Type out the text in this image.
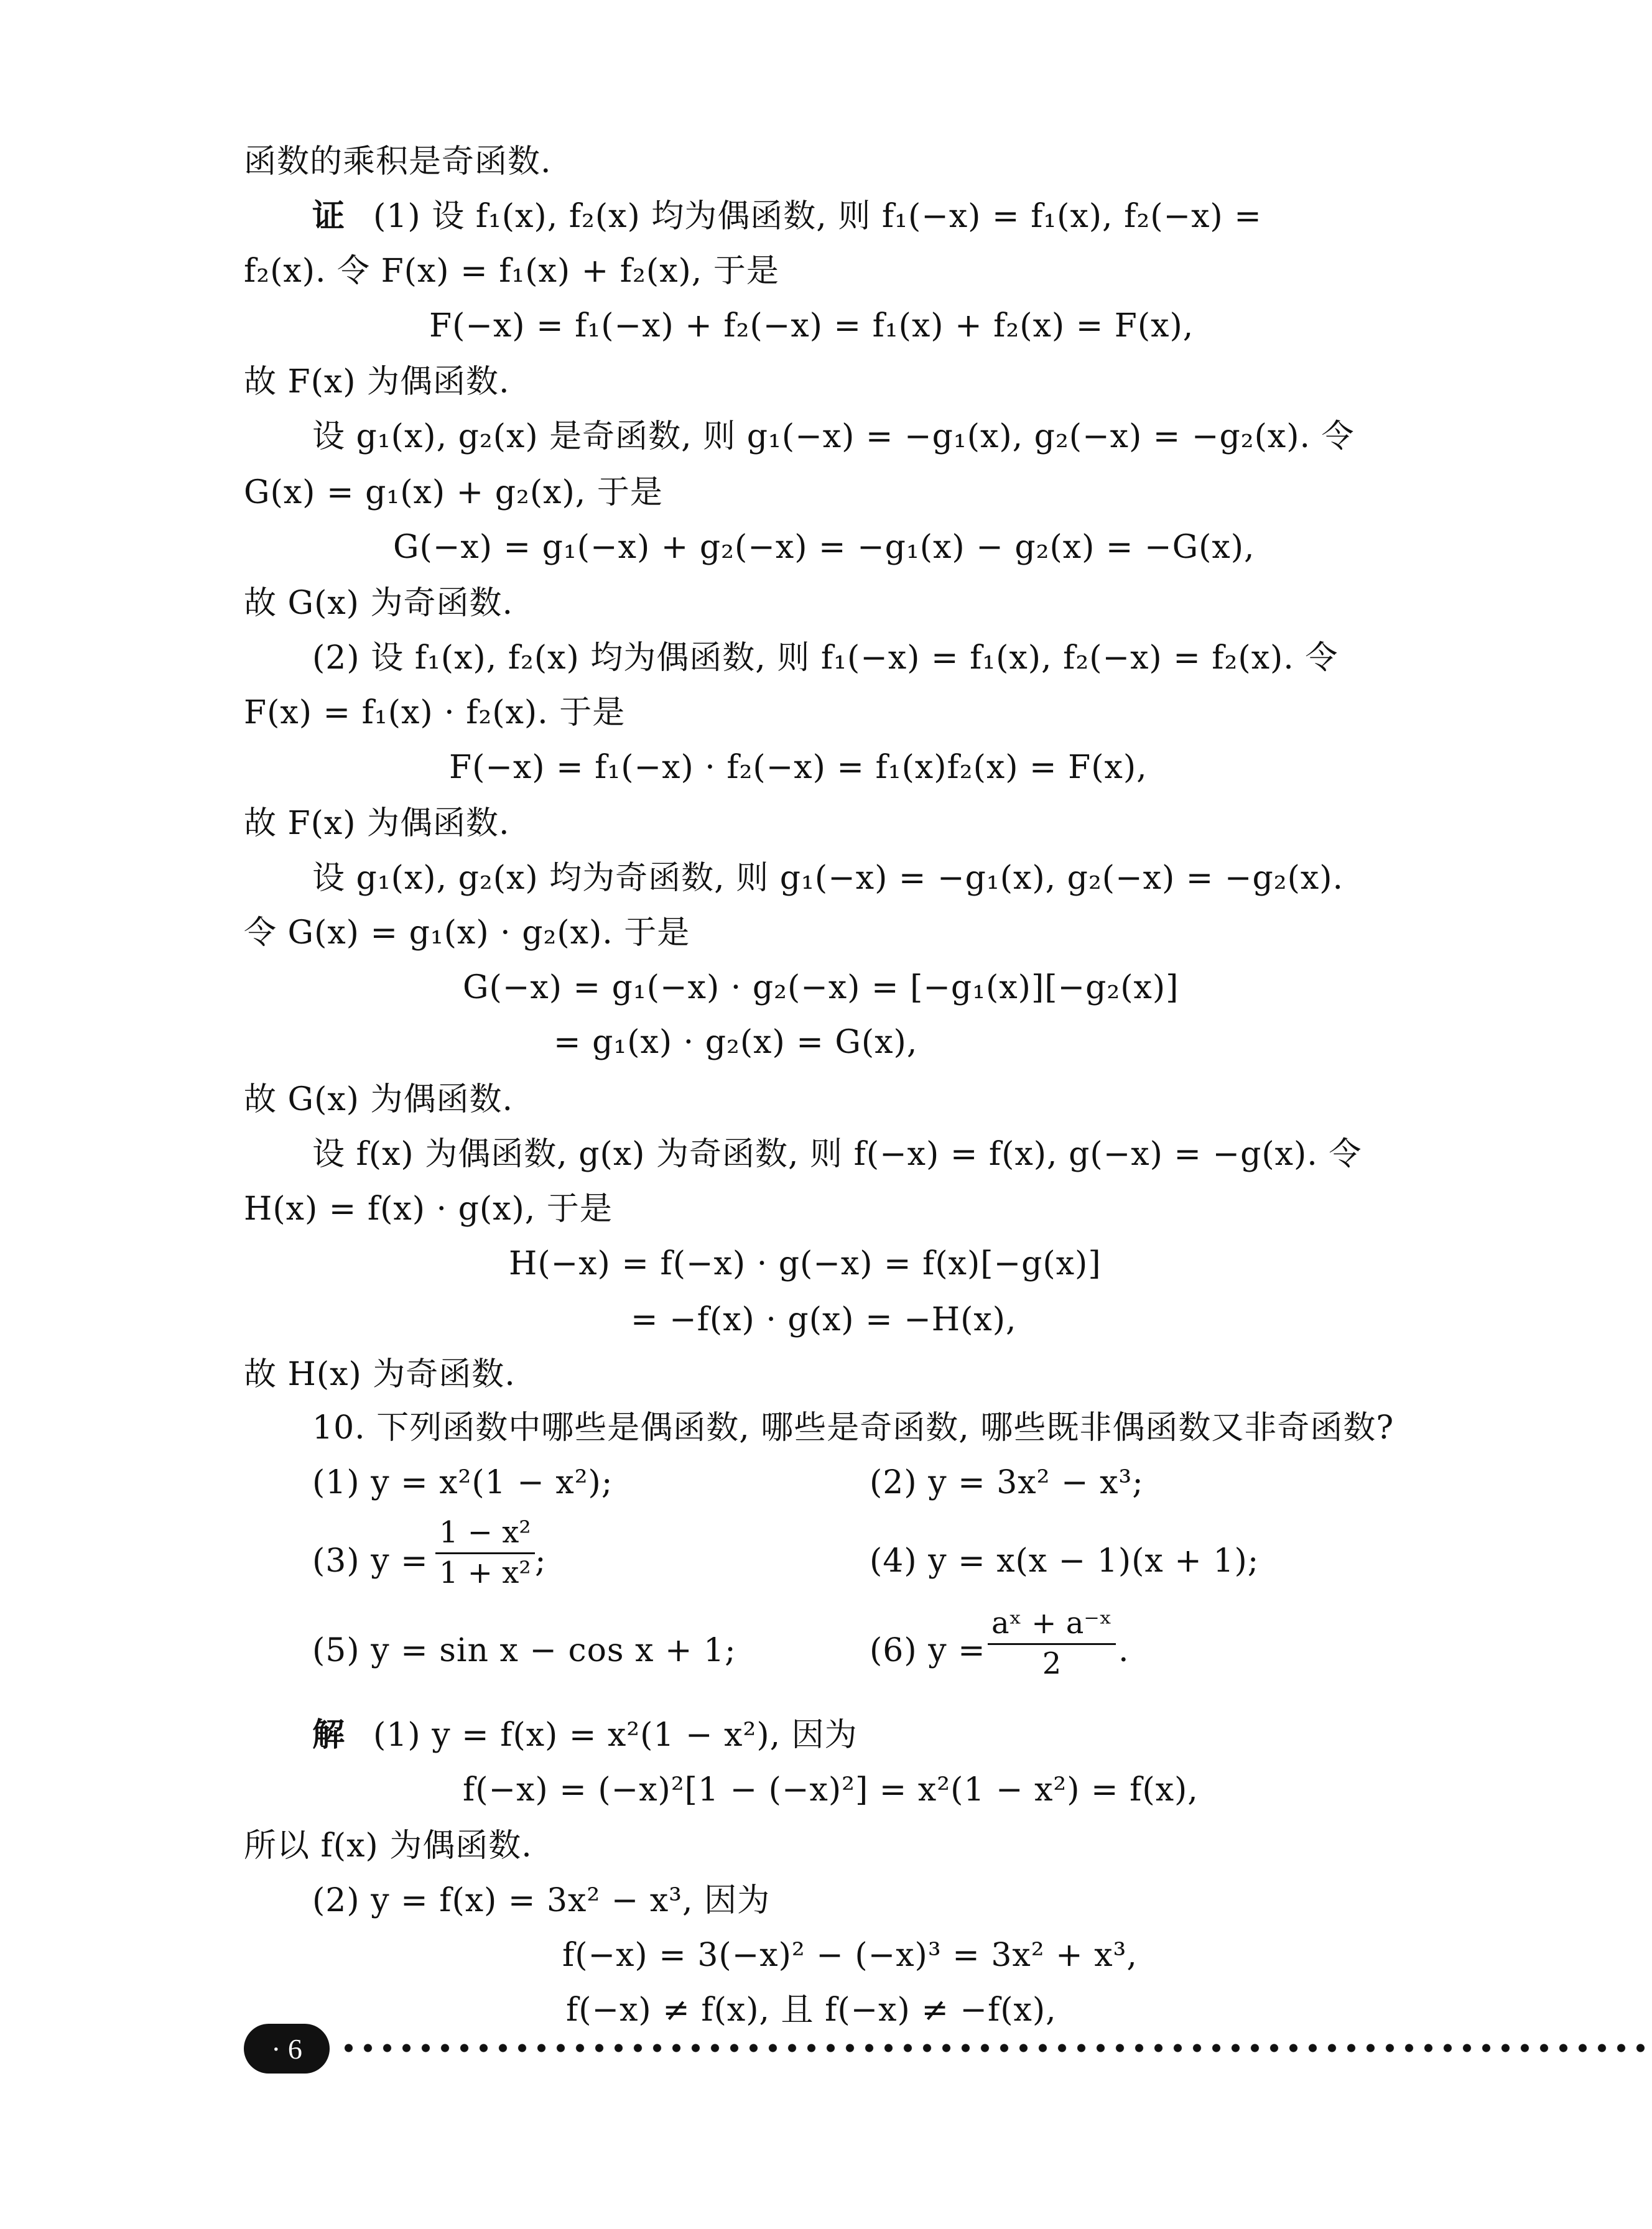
函数的乘积是奇函数.
证 (1) 设 f₁(x), f₂(x) 均为偶函数, 则 f₁(−x) = f₁(x), f₂(−x) =
f₂(x). 令 F(x) = f₁(x) + f₂(x), 于是
F(−x) = f₁(−x) + f₂(−x) = f₁(x) + f₂(x) = F(x),
故 F(x) 为偶函数.
设 g₁(x), g₂(x) 是奇函数, 则 g₁(−x) = −g₁(x), g₂(−x) = −g₂(x). 令
G(x) = g₁(x) + g₂(x), 于是
G(−x) = g₁(−x) + g₂(−x) = −g₁(x) − g₂(x) = −G(x),
故 G(x) 为奇函数.
(2) 设 f₁(x), f₂(x) 均为偶函数, 则 f₁(−x) = f₁(x), f₂(−x) = f₂(x). 令
F(x) = f₁(x) · f₂(x). 于是
F(−x) = f₁(−x) · f₂(−x) = f₁(x)f₂(x) = F(x),
故 F(x) 为偶函数.
设 g₁(x), g₂(x) 均为奇函数, 则 g₁(−x) = −g₁(x), g₂(−x) = −g₂(x).
令 G(x) = g₁(x) · g₂(x). 于是
G(−x) = g₁(−x) · g₂(−x) = [−g₁(x)][−g₂(x)]
= g₁(x) · g₂(x) = G(x),
故 G(x) 为偶函数.
设 f(x) 为偶函数, g(x) 为奇函数, 则 f(−x) = f(x), g(−x) = −g(x). 令
H(x) = f(x) · g(x), 于是
H(−x) = f(−x) · g(−x) = f(x)[−g(x)]
= −f(x) · g(x) = −H(x),
故 H(x) 为奇函数.
10. 下列函数中哪些是偶函数, 哪些是奇函数, 哪些既非偶函数又非奇函数?
(1) y = x²(1 − x²);	(2) y = 3x² − x³;
(3) $y = \frac{\text{1 − x²}}{\text{1 + x²}}$ ;	(4) y = x(x − 1)(x + 1);
(5) y = sin x − cos x + 1;	(6) $y = \frac{\text{aˣ + a⁻ˣ}}{2}$ .
解 (1) y = f(x) = x²(1 − x²), 因为
f(−x) = (−x)²[1 − (−x)²] = x²(1 − x²) = f(x),
所以 f(x) 为偶函数.
(2) y = f(x) = 3x² − x³, 因为
f(−x) = 3(−x)² − (−x)³ = 3x² + x³,
f(−x) ≠ f(x), 且 f(−x) ≠ −f(x),
· 6
